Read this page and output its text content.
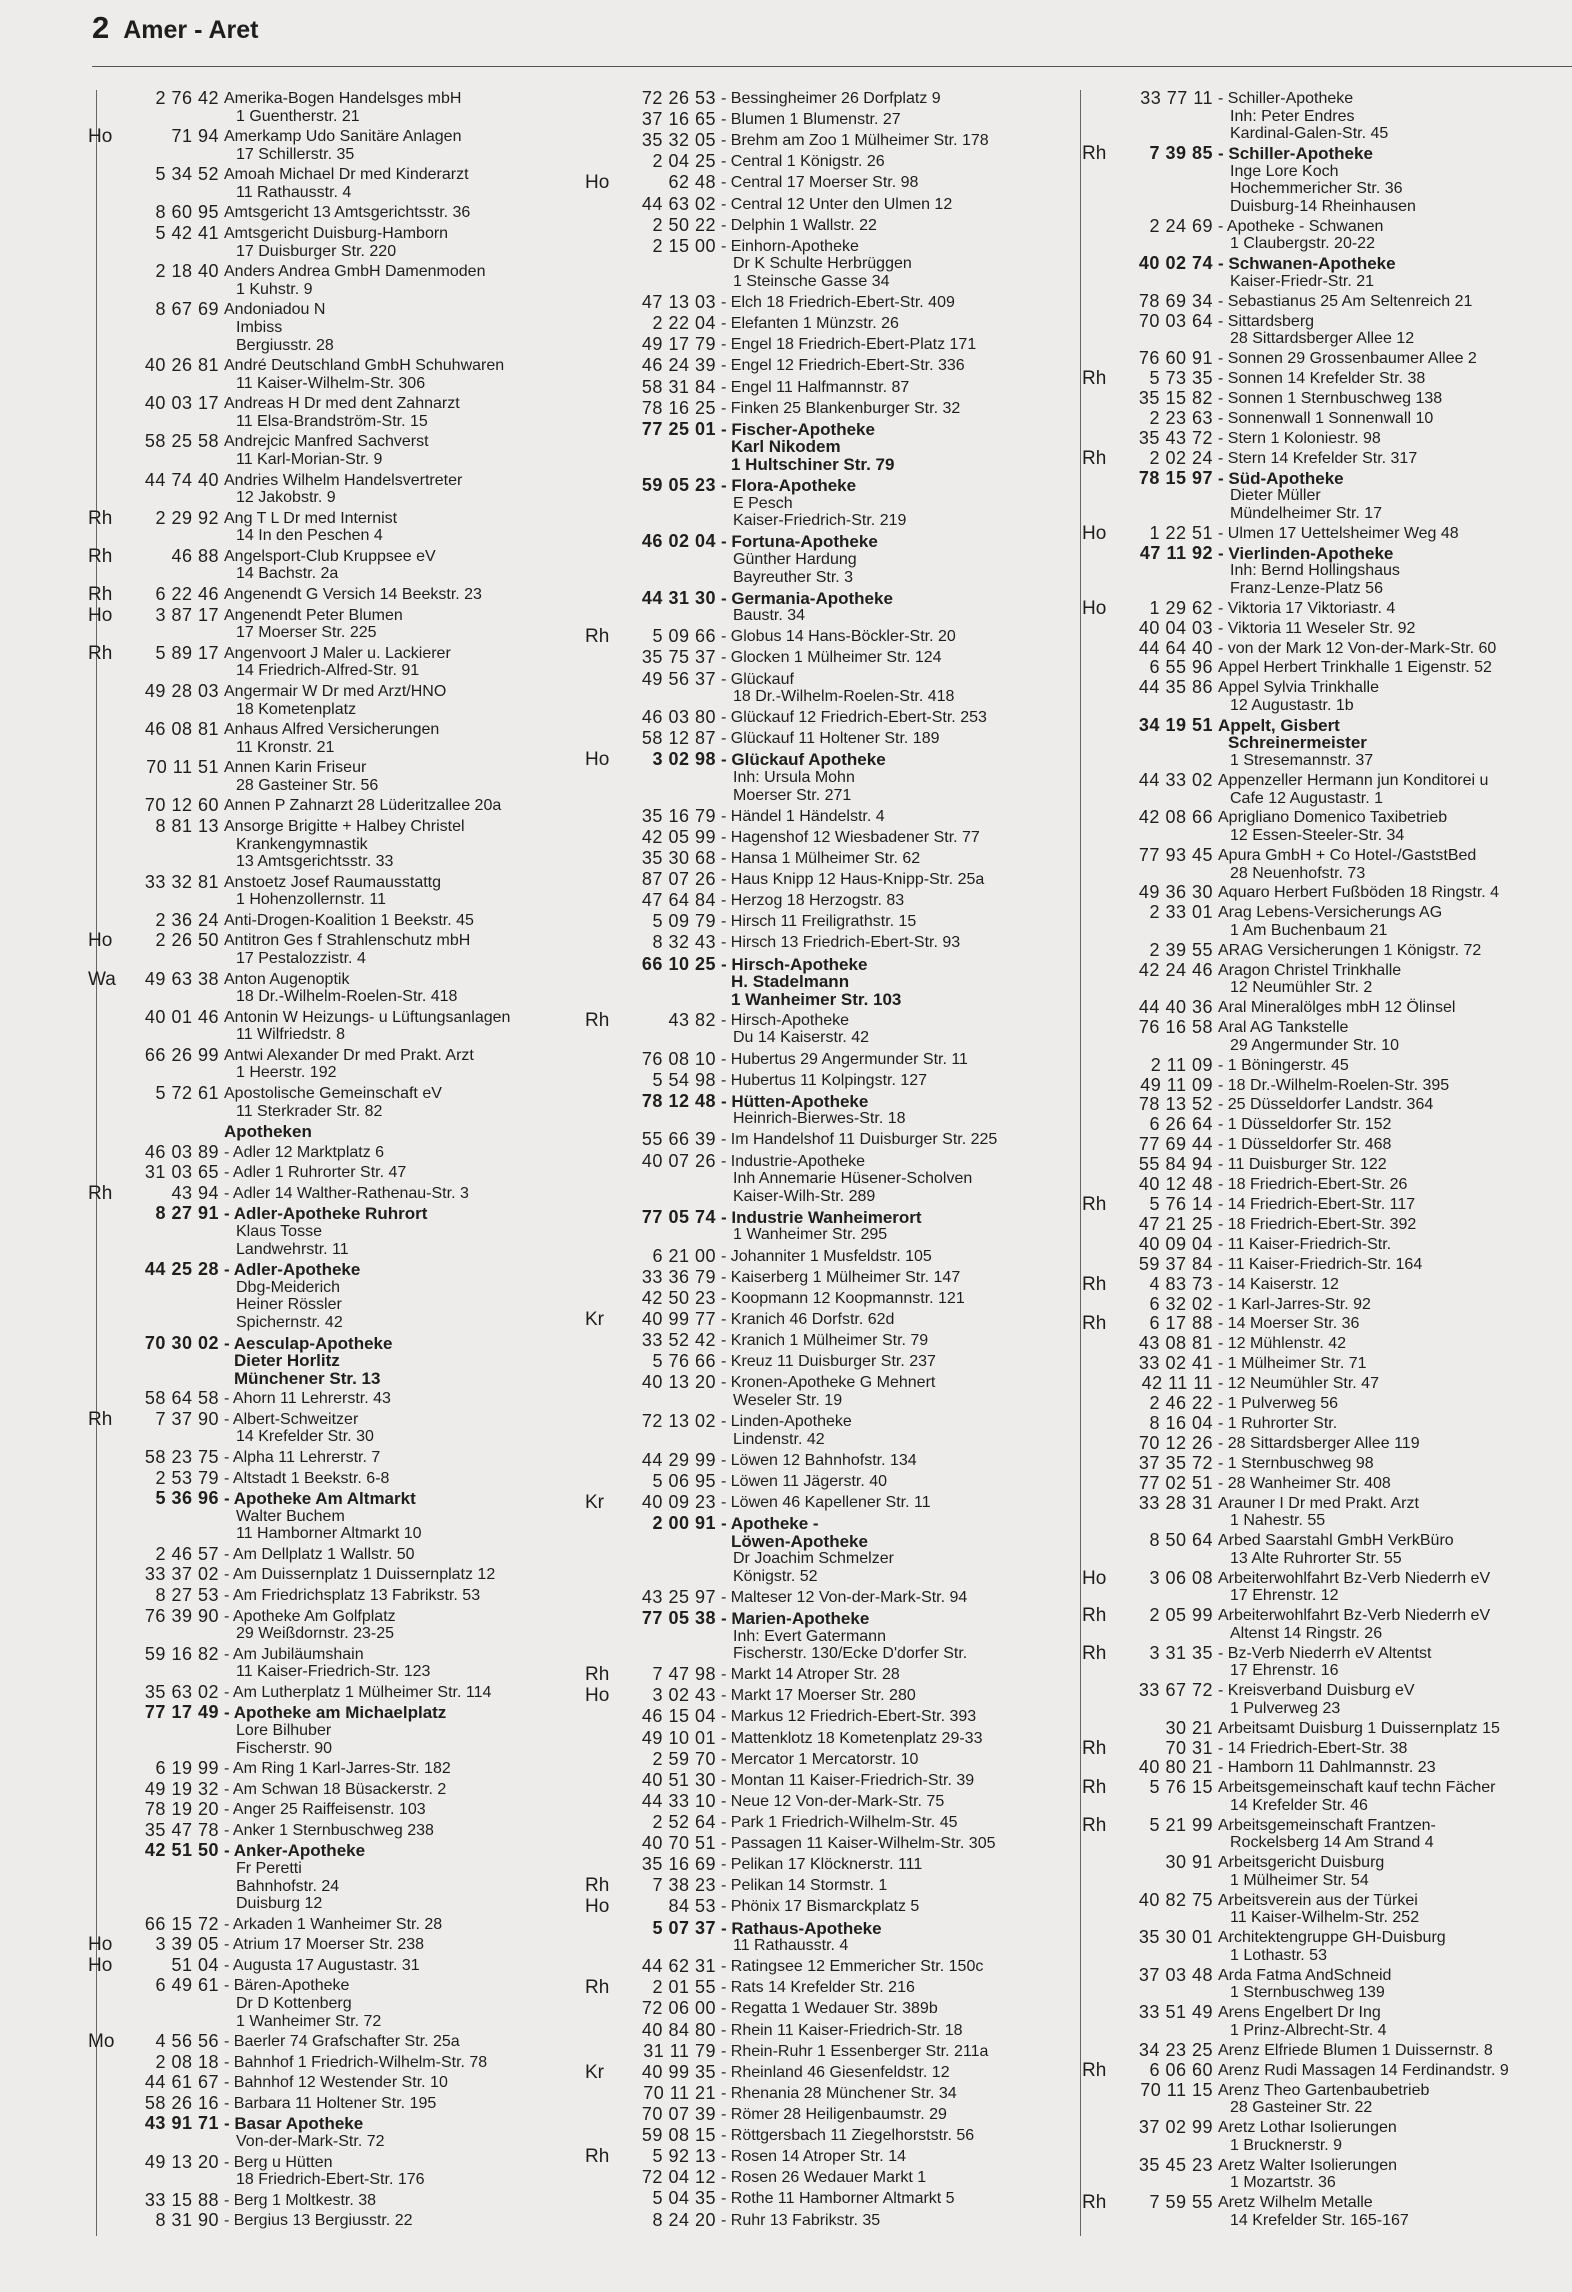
2 Amer - Aret
2 76 42 Amerika-Bogen Handelsges mbH
1 Guentherstr. 21
Ho	71 94 Amerkamp Udo Sanitäre Anlagen
17 Schillerstr. 35
5 34 52 Amoah Michael Dr med Kinderarzt
11 Rathausstr. 4
8 60 95 Amtsgericht 13 Amtsgerichtsstr. 36
5 42 41 Amtsgericht Duisburg-Hamborn
17 Duisburger Str. 220
2 18 40 Anders Andrea GmbH Damenmoden
1 Kuhstr. 9
8 67 69 Andoniadou N
Imbiss
Bergiusstr. 28
40 26 81 André Deutschland GmbH Schuhwaren
11 Kaiser-Wilhelm-Str. 306
40 03 17 Andreas H Dr med dent Zahnarzt
11 Elsa-Brandström-Str. 15
58 25 58 Andrejcic Manfred Sachverst
11 Karl-Morian-Str. 9
44 74 40 Andries Wilhelm Handelsvertreter
12 Jakobstr. 9
Rh	2 29 92 Ang T L Dr med Internist
14 In den Peschen 4
Rh	46 88 Angelsport-Club Kruppsee eV
14 Bachstr. 2a
Rh	6 22 46 Angenendt G Versich 14 Beekstr. 23
Ho	3 87 17 Angenendt Peter Blumen
17 Moerser Str. 225
Rh	5 89 17 Angenvoort J Maler u. Lackierer
14 Friedrich-Alfred-Str. 91
49 28 03 Angermair W Dr med Arzt/HNO
18 Kometenplatz
46 08 81 Anhaus Alfred Versicherungen
11 Kronstr. 21
70 11 51 Annen Karin Friseur
28 Gasteiner Str. 56
70 12 60 Annen P Zahnarzt 28 Lüderitzallee 20a
8 81 13 Ansorge Brigitte + Halbey Christel
Krankengymnastik
13 Amtsgerichtsstr. 33
33 32 81 Anstoetz Josef Raumausstattg
1 Hohenzollernstr. 11
2 36 24 Anti-Drogen-Koalition 1 Beekstr. 45
Ho	2 26 50 Antitron Ges f Strahlenschutz mbH
17 Pestalozzistr. 4
Wa	49 63 38 Anton Augenoptik
18 Dr.-Wilhelm-Roelen-Str. 418
40 01 46 Antonin W Heizungs- u Lüftungsanlagen
11 Wilfriedstr. 8
66 26 99 Antwi Alexander Dr med Prakt. Arzt
1 Heerstr. 192
5 72 61 Apostolische Gemeinschaft eV
11 Sterkrader Str. 82
Apotheken
46 03 89 - Adler 12 Marktplatz 6
31 03 65 - Adler 1 Ruhrorter Str. 47
Rh	43 94 - Adler 14 Walther-Rathenau-Str. 3
8 27 91 - Adler-Apotheke Ruhrort
Klaus Tosse
Landwehrstr. 11
44 25 28 - Adler-Apotheke
Dbg-Meiderich
Heiner Rössler
Spichernstr. 42
70 30 02 - Aesculap-Apotheke
Dieter Horlitz
Münchener Str. 13
58 64 58 - Ahorn 11 Lehrerstr. 43
Rh	7 37 90 - Albert-Schweitzer
14 Krefelder Str. 30
58 23 75 - Alpha 11 Lehrerstr. 7
2 53 79 - Altstadt 1 Beekstr. 6-8
5 36 96 - Apotheke Am Altmarkt
Walter Buchem
11 Hamborner Altmarkt 10
2 46 57 - Am Dellplatz 1 Wallstr. 50
33 37 02 - Am Duissernplatz 1 Duissernplatz 12
8 27 53 - Am Friedrichsplatz 13 Fabrikstr. 53
76 39 90 - Apotheke Am Golfplatz
29 Weißdornstr. 23-25
59 16 82 - Am Jubiläumshain
11 Kaiser-Friedrich-Str. 123
35 63 02 - Am Lutherplatz 1 Mülheimer Str. 114
77 17 49 - Apotheke am Michaelplatz
Lore Bilhuber
Fischerstr. 90
6 19 99 - Am Ring 1 Karl-Jarres-Str. 182
49 19 32 - Am Schwan 18 Büsackerstr. 2
78 19 20 - Anger 25 Raiffeisenstr. 103
35 47 78 - Anker 1 Sternbuschweg 238
42 51 50 - Anker-Apotheke
Fr Peretti
Bahnhofstr. 24
Duisburg 12
66 15 72 - Arkaden 1 Wanheimer Str. 28
Ho	3 39 05 - Atrium 17 Moerser Str. 238
Ho	51 04 - Augusta 17 Augustastr. 31
6 49 61 - Bären-Apotheke
Dr D Kottenberg
1 Wanheimer Str. 72
Mo	4 56 56 - Baerler 74 Grafschafter Str. 25a
2 08 18 - Bahnhof 1 Friedrich-Wilhelm-Str. 78
44 61 67 - Bahnhof 12 Westender Str. 10
58 26 16 - Barbara 11 Holtener Str. 195
43 91 71 - Basar Apotheke
Von-der-Mark-Str. 72
49 13 20 - Berg u Hütten
18 Friedrich-Ebert-Str. 176
33 15 88 - Berg 1 Moltkestr. 38
8 31 90 - Bergius 13 Bergiusstr. 22
72 26 53 - Bessingheimer 26 Dorfplatz 9
37 16 65 - Blumen 1 Blumenstr. 27
35 32 05 - Brehm am Zoo 1 Mülheimer Str. 178
2 04 25 - Central 1 Königstr. 26
Ho	62 48 - Central 17 Moerser Str. 98
44 63 02 - Central 12 Unter den Ulmen 12
2 50 22 - Delphin 1 Wallstr. 22
2 15 00 - Einhorn-Apotheke
Dr K Schulte Herbrüggen
1 Steinsche Gasse 34
47 13 03 - Elch 18 Friedrich-Ebert-Str. 409
2 22 04 - Elefanten 1 Münzstr. 26
49 17 79 - Engel 18 Friedrich-Ebert-Platz 171
46 24 39 - Engel 12 Friedrich-Ebert-Str. 336
58 31 84 - Engel 11 Halfmannstr. 87
78 16 25 - Finken 25 Blankenburger Str. 32
77 25 01 - Fischer-Apotheke
Karl Nikodem
1 Hultschiner Str. 79
59 05 23 - Flora-Apotheke
E Pesch
Kaiser-Friedrich-Str. 219
46 02 04 - Fortuna-Apotheke
Günther Hardung
Bayreuther Str. 3
44 31 30 - Germania-Apotheke
Baustr. 34
Rh	5 09 66 - Globus 14 Hans-Böckler-Str. 20
35 75 37 - Glocken 1 Mülheimer Str. 124
49 56 37 - Glückauf
18 Dr.-Wilhelm-Roelen-Str. 418
46 03 80 - Glückauf 12 Friedrich-Ebert-Str. 253
58 12 87 - Glückauf 11 Holtener Str. 189
Ho	3 02 98 - Glückauf Apotheke
Inh: Ursula Mohn
Moerser Str. 271
35 16 79 - Händel 1 Händelstr. 4
42 05 99 - Hagenshof 12 Wiesbadener Str. 77
35 30 68 - Hansa 1 Mülheimer Str. 62
87 07 26 - Haus Knipp 12 Haus-Knipp-Str. 25a
47 64 84 - Herzog 18 Herzogstr. 83
5 09 79 - Hirsch 11 Freiligrathstr. 15
8 32 43 - Hirsch 13 Friedrich-Ebert-Str. 93
66 10 25 - Hirsch-Apotheke
H. Stadelmann
1 Wanheimer Str. 103
Rh	43 82 - Hirsch-Apotheke
Du 14 Kaiserstr. 42
76 08 10 - Hubertus 29 Angermunder Str. 11
5 54 98 - Hubertus 11 Kolpingstr. 127
78 12 48 - Hütten-Apotheke
Heinrich-Bierwes-Str. 18
55 66 39 - Im Handelshof 11 Duisburger Str. 225
40 07 26 - Industrie-Apotheke
Inh Annemarie Hüsener-Scholven
Kaiser-Wilh-Str. 289
77 05 74 - Industrie Wanheimerort
1 Wanheimer Str. 295
6 21 00 - Johanniter 1 Musfeldstr. 105
33 36 79 - Kaiserberg 1 Mülheimer Str. 147
42 50 23 - Koopmann 12 Koopmannstr. 121
Kr	40 99 77 - Kranich 46 Dorfstr. 62d
33 52 42 - Kranich 1 Mülheimer Str. 79
5 76 66 - Kreuz 11 Duisburger Str. 237
40 13 20 - Kronen-Apotheke G Mehnert
Weseler Str. 19
72 13 02 - Linden-Apotheke
Lindenstr. 42
44 29 99 - Löwen 12 Bahnhofstr. 134
5 06 95 - Löwen 11 Jägerstr. 40
Kr	40 09 23 - Löwen 46 Kapellener Str. 11
2 00 91 - Apotheke -
Löwen-Apotheke
Dr Joachim Schmelzer
Königstr. 52
43 25 97 - Malteser 12 Von-der-Mark-Str. 94
77 05 38 - Marien-Apotheke
Inh: Evert Gatermann
Fischerstr. 130/Ecke D'dorfer Str.
Rh	7 47 98 - Markt 14 Atroper Str. 28
Ho	3 02 43 - Markt 17 Moerser Str. 280
46 15 04 - Markus 12 Friedrich-Ebert-Str. 393
49 10 01 - Mattenklotz 18 Kometenplatz 29-33
2 59 70 - Mercator 1 Mercatorstr. 10
40 51 30 - Montan 11 Kaiser-Friedrich-Str. 39
44 33 10 - Neue 12 Von-der-Mark-Str. 75
2 52 64 - Park 1 Friedrich-Wilhelm-Str. 45
40 70 51 - Passagen 11 Kaiser-Wilhelm-Str. 305
35 16 69 - Pelikan 17 Klöcknerstr. 111
Rh	7 38 23 - Pelikan 14 Stormstr. 1
Ho	84 53 - Phönix 17 Bismarckplatz 5
5 07 37 - Rathaus-Apotheke
11 Rathausstr. 4
44 62 31 - Ratingsee 12 Emmericher Str. 150c
Rh	2 01 55 - Rats 14 Krefelder Str. 216
72 06 00 - Regatta 1 Wedauer Str. 389b
40 84 80 - Rhein 11 Kaiser-Friedrich-Str. 18
31 11 79 - Rhein-Ruhr 1 Essenberger Str. 211a
Kr	40 99 35 - Rheinland 46 Giesenfeldstr. 12
70 11 21 - Rhenania 28 Münchener Str. 34
70 07 39 - Römer 28 Heiligenbaumstr. 29
59 08 15 - Röttgersbach 11 Ziegelhorststr. 56
Rh	5 92 13 - Rosen 14 Atroper Str. 14
72 04 12 - Rosen 26 Wedauer Markt 1
5 04 35 - Rothe 11 Hamborner Altmarkt 5
8 24 20 - Ruhr 13 Fabrikstr. 35
33 77 11 - Schiller-Apotheke
Inh: Peter Endres
Kardinal-Galen-Str. 45
Rh	7 39 85 - Schiller-Apotheke
Inge Lore Koch
Hochemmericher Str. 36
Duisburg-14 Rheinhausen
2 24 69 - Apotheke - Schwanen
1 Claubergstr. 20-22
40 02 74 - Schwanen-Apotheke
Kaiser-Friedr-Str. 21
78 69 34 - Sebastianus 25 Am Seltenreich 21
70 03 64 - Sittardsberg
28 Sittardsberger Allee 12
76 60 91 - Sonnen 29 Grossenbaumer Allee 2
Rh	5 73 35 - Sonnen 14 Krefelder Str. 38
35 15 82 - Sonnen 1 Sternbuschweg 138
2 23 63 - Sonnenwall 1 Sonnenwall 10
35 43 72 - Stern 1 Koloniestr. 98
Rh	2 02 24 - Stern 14 Krefelder Str. 317
78 15 97 - Süd-Apotheke
Dieter Müller
Mündelheimer Str. 17
Ho	1 22 51 - Ulmen 17 Uettelsheimer Weg 48
47 11 92 - Vierlinden-Apotheke
Inh: Bernd Hollingshaus
Franz-Lenze-Platz 56
Ho	1 29 62 - Viktoria 17 Viktoriastr. 4
40 04 03 - Viktoria 11 Weseler Str. 92
44 64 40 - von der Mark 12 Von-der-Mark-Str. 60
6 55 96 Appel Herbert Trinkhalle 1 Eigenstr. 52
44 35 86 Appel Sylvia Trinkhalle
12 Augustastr. 1b
34 19 51 Appelt, Gisbert
Schreinermeister
1 Stresemannstr. 37
44 33 02 Appenzeller Hermann jun Konditorei u
Cafe 12 Augustastr. 1
42 08 66 Aprigliano Domenico Taxibetrieb
12 Essen-Steeler-Str. 34
77 93 45 Apura GmbH + Co Hotel-/GaststBed
28 Neuenhofstr. 73
49 36 30 Aquaro Herbert Fußböden 18 Ringstr. 4
2 33 01 Arag Lebens-Versicherungs AG
1 Am Buchenbaum 21
2 39 55 ARAG Versicherungen 1 Königstr. 72
42 24 46 Aragon Christel Trinkhalle
12 Neumühler Str. 2
44 40 36 Aral Mineralölges mbH 12 Ölinsel
76 16 58 Aral AG Tankstelle
29 Angermunder Str. 10
2 11 09 - 1 Böningerstr. 45
49 11 09 - 18 Dr.-Wilhelm-Roelen-Str. 395
78 13 52 - 25 Düsseldorfer Landstr. 364
6 26 64 - 1 Düsseldorfer Str. 152
77 69 44 - 1 Düsseldorfer Str. 468
55 84 94 - 11 Duisburger Str. 122
40 12 48 - 18 Friedrich-Ebert-Str. 26
Rh	5 76 14 - 14 Friedrich-Ebert-Str. 117
47 21 25 - 18 Friedrich-Ebert-Str. 392
40 09 04 - 11 Kaiser-Friedrich-Str.
59 37 84 - 11 Kaiser-Friedrich-Str. 164
Rh	4 83 73 - 14 Kaiserstr. 12
6 32 02 - 1 Karl-Jarres-Str. 92
Rh	6 17 88 - 14 Moerser Str. 36
43 08 81 - 12 Mühlenstr. 42
33 02 41 - 1 Mülheimer Str. 71
42 11 11 - 12 Neumühler Str. 47
2 46 22 - 1 Pulverweg 56
8 16 04 - 1 Ruhrorter Str.
70 12 26 - 28 Sittardsberger Allee 119
37 35 72 - 1 Sternbuschweg 98
77 02 51 - 28 Wanheimer Str. 408
33 28 31 Arauner I Dr med Prakt. Arzt
1 Nahestr. 55
8 50 64 Arbed Saarstahl GmbH VerkBüro
13 Alte Ruhrorter Str. 55
Ho	3 06 08 Arbeiterwohlfahrt Bz-Verb Niederrh eV
17 Ehrenstr. 12
Rh	2 05 99 Arbeiterwohlfahrt Bz-Verb Niederrh eV
Altenst 14 Ringstr. 26
Rh	3 31 35 - Bz-Verb Niederrh eV Altentst
17 Ehrenstr. 16
33 67 72 - Kreisverband Duisburg eV
1 Pulverweg 23
30 21 Arbeitsamt Duisburg 1 Duissernplatz 15
Rh	70 31 - 14 Friedrich-Ebert-Str. 38
40 80 21 - Hamborn 11 Dahlmannstr. 23
Rh	5 76 15 Arbeitsgemeinschaft kauf techn Fächer
14 Krefelder Str. 46
Rh	5 21 99 Arbeitsgemeinschaft Frantzen-
Rockelsberg 14 Am Strand 4
30 91 Arbeitsgericht Duisburg
1 Mülheimer Str. 54
40 82 75 Arbeitsverein aus der Türkei
11 Kaiser-Wilhelm-Str. 252
35 30 01 Architektengruppe GH-Duisburg
1 Lothastr. 53
37 03 48 Arda Fatma AndSchneid
1 Sternbuschweg 139
33 51 49 Arens Engelbert Dr Ing
1 Prinz-Albrecht-Str. 4
34 23 25 Arenz Elfriede Blumen 1 Duissernstr. 8
Rh	6 06 60 Arenz Rudi Massagen 14 Ferdinandstr. 9
70 11 15 Arenz Theo Gartenbaubetrieb
28 Gasteiner Str. 22
37 02 99 Aretz Lothar Isolierungen
1 Brucknerstr. 9
35 45 23 Aretz Walter Isolierungen
1 Mozartstr. 36
Rh	7 59 55 Aretz Wilhelm Metalle
14 Krefelder Str. 165-167
